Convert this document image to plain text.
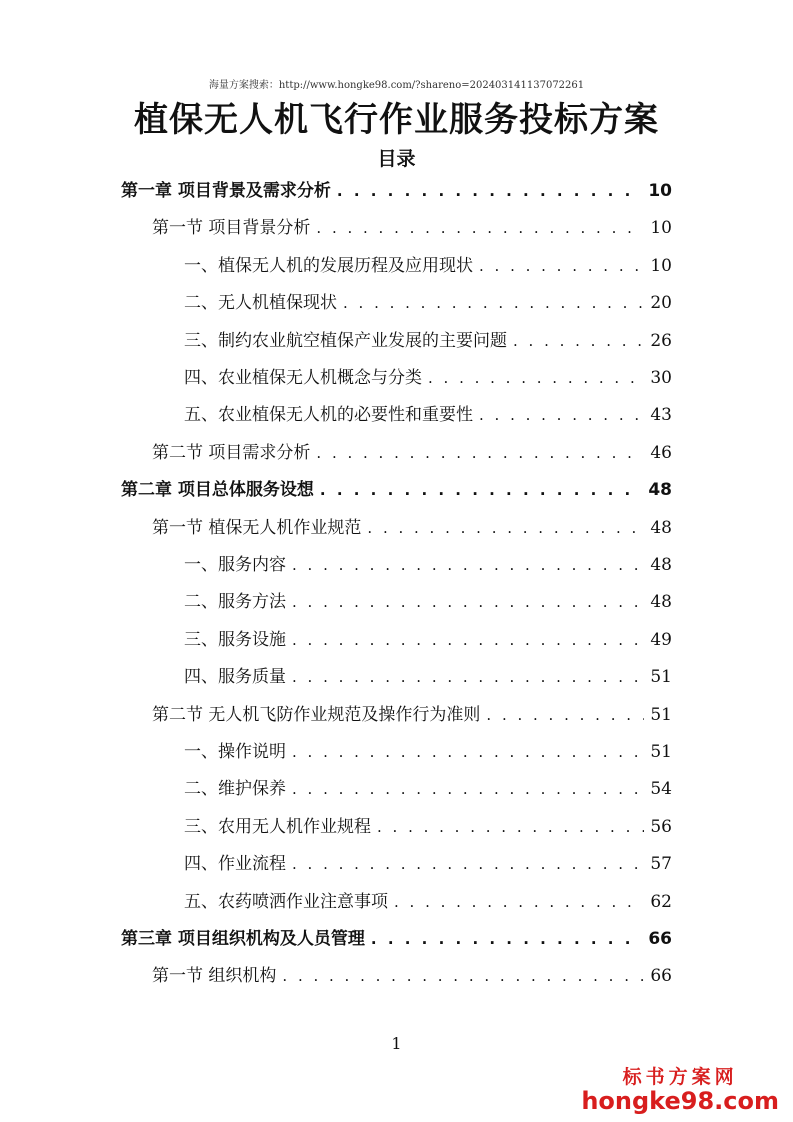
海量方案搜索：http://www.hongke98.com/?shareno=20240314113707226​1
植保无人机飞行作业服务投标方案
目录
第一章 项目背景及需求分析 . . .	10
第一节 项目背景分析 . . .	10
一、植保无人机的发展历程及应用现状 . . .	10
二、无人机植保现状 . . .	20
三、制约农业航空植保产业发展的主要问题 . . .	26
四、农业植保无人机概念与分类 . . .	30
五、农业植保无人机的必要性和重要性 . . .	43
第二节 项目需求分析 . . .	46
第二章 项目总体服务设想 . . .	48
第一节 植保无人机作业规范 . . .	48
一、服务内容 . . .	48
二、服务方法 . . .	48
三、服务设施 . . .	49
四、服务质量 . . .	51
第二节 无人机飞防作业规范及操作行为准则 . . .	51
一、操作说明 . . .	51
二、维护保养 . . .	54
三、农用无人机作业规程 . . .	56
四、作业流程 . . .	57
五、农药喷洒作业注意事项 . . .	62
第三章 项目组织机构及人员管理 . . .	66
第一节 组织机构 . . .	66
1
标书方案网
hongke98.com
